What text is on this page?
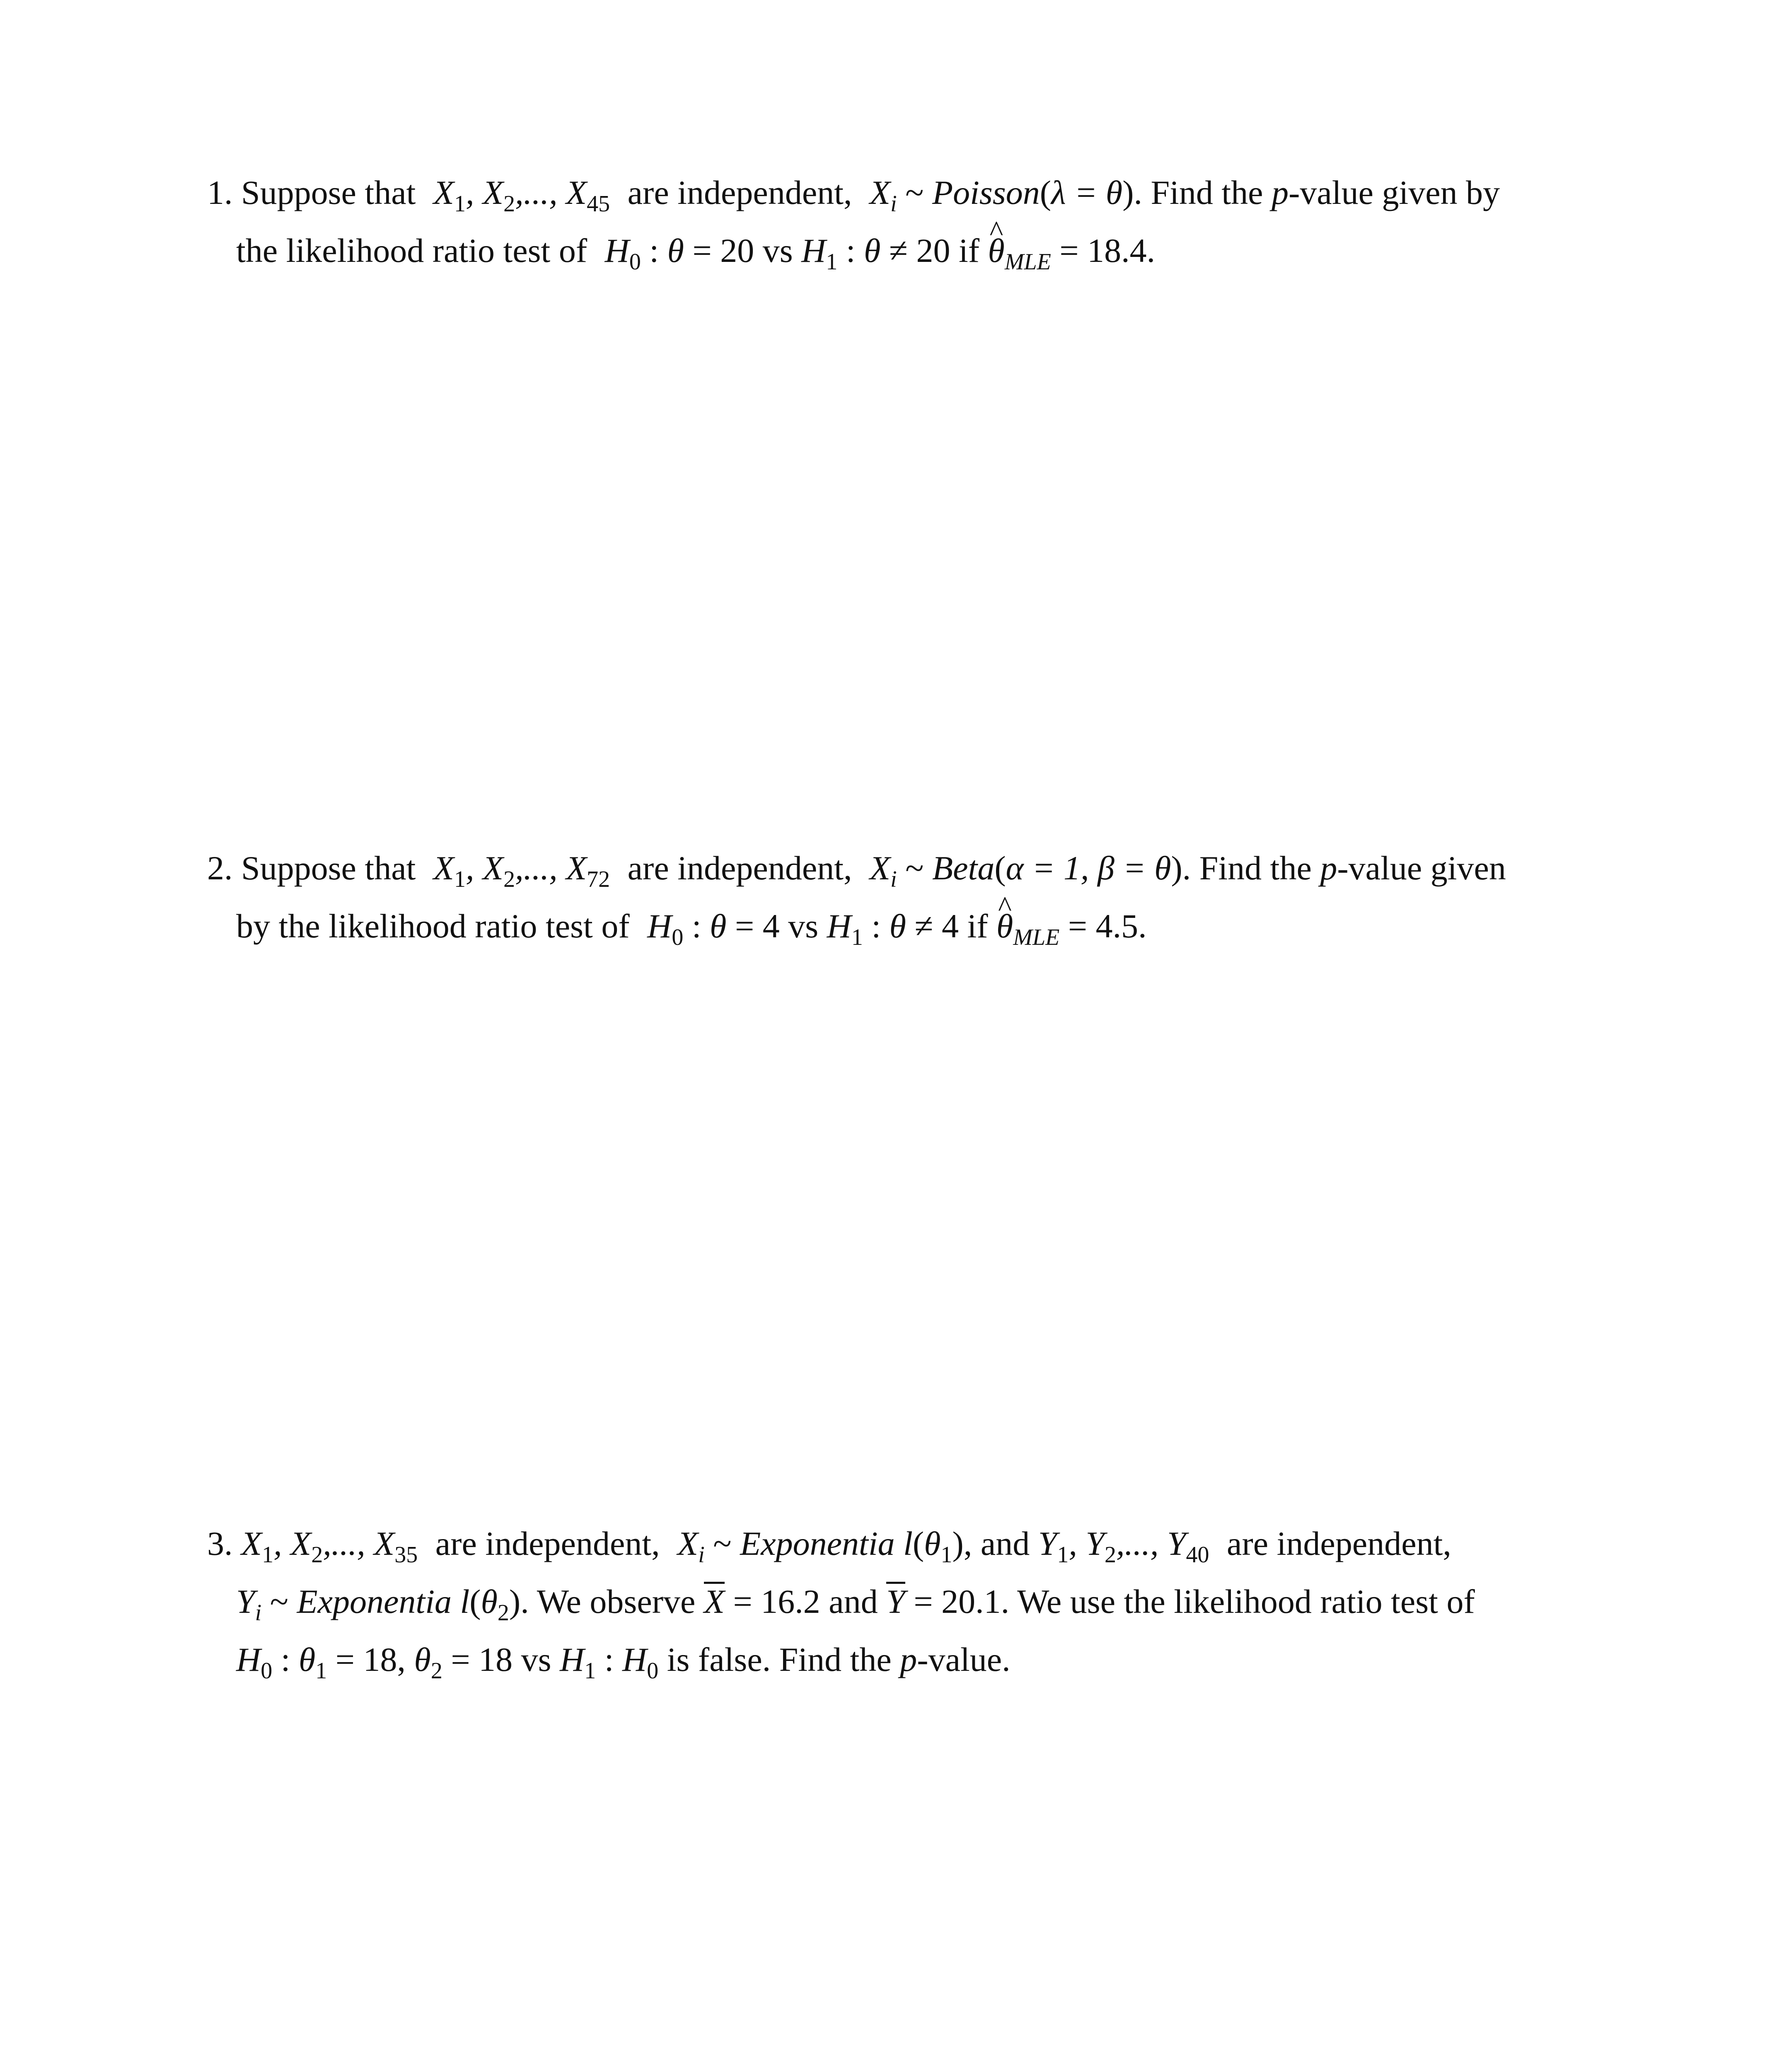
1. Suppose that $X_1$, $X_2$,..., $X_{45}$ are independent, $X_i$ ~ Poisson(λ = θ). Find the p-value given by
the likelihood ratio test of $H_0$ : θ = 20 vs $H_1$ : θ ≠ 20 if ^ $\theta_{MLE} = 18.4$.
2. Suppose that $X_1$, $X_2$,..., $X_{72}$ are independent, $X_i$ ~ Beta(α = 1, β = θ). Find the p-value given
by the likelihood ratio test of $H_0$ : θ = 4 vs $H_1$ : θ ≠ 4 if ^ $\theta_{MLE} = 4.5$.
3. $X_1$, $X_2$,..., $X_{35}$ are independent, $X_i$ ~ Exponentia $l(\theta_1)$, and $Y_1$, $Y_2$,..., $Y_{40}$ are independent,
$Y_i$ ~ Exponentia $l(\theta_2)$. We observe X = 16.2 and Y = 20.1. We use the likelihood ratio test of
$H_0$ : $\theta_1 = 18$, $\theta_2 = 18$ vs $H_1$ : $H_0$ is false. Find the p-value.
